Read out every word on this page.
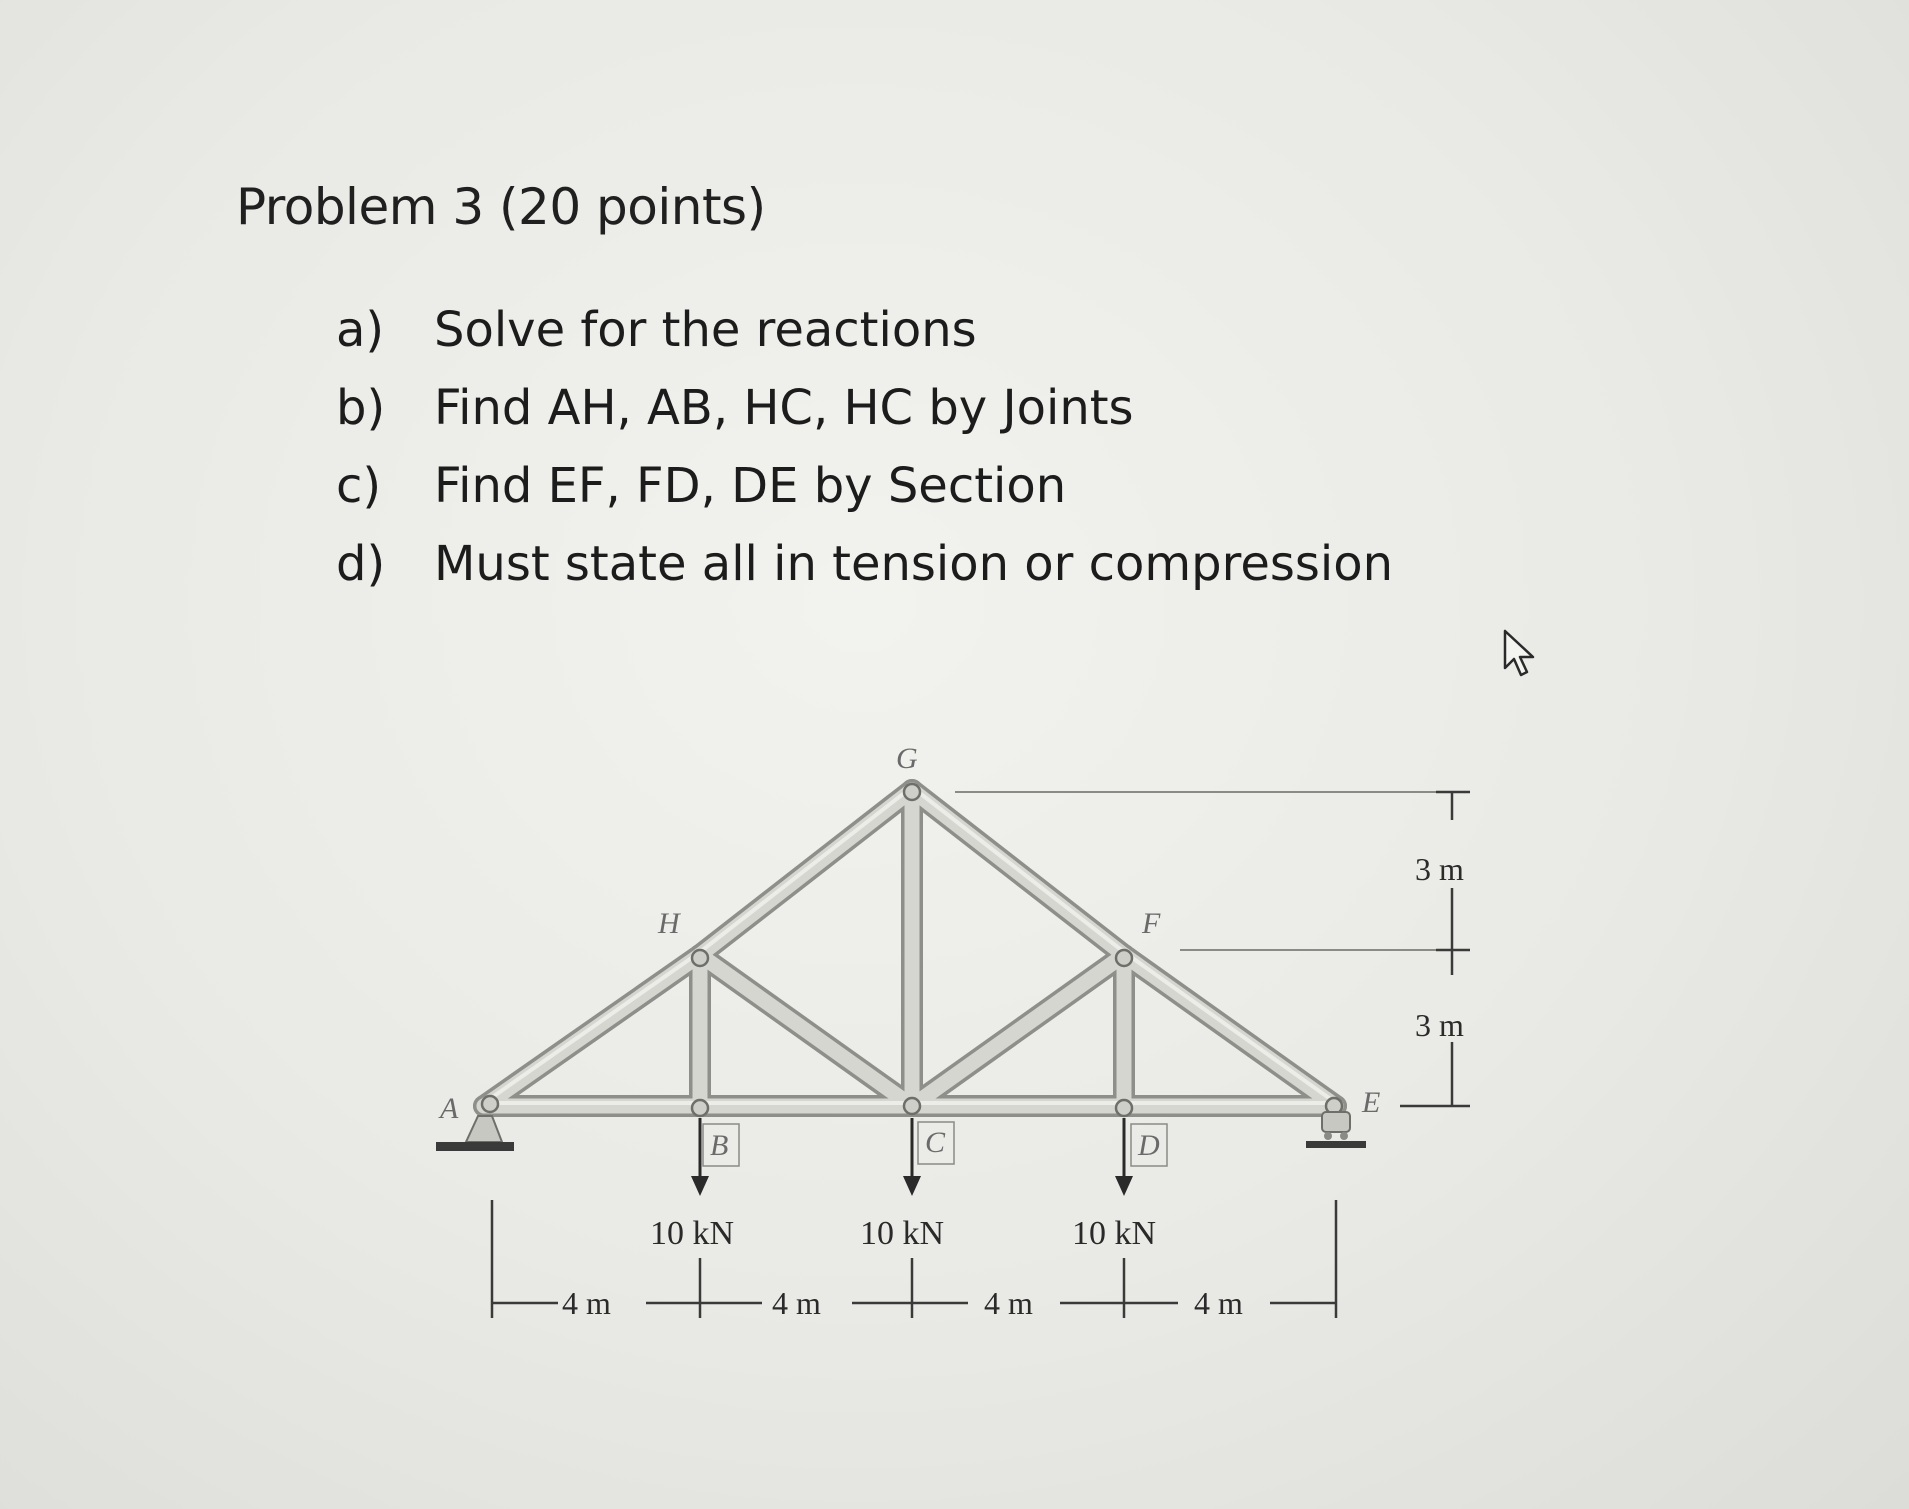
Problem 3 (20 points)
a) Solve for the reactions
b) Find AH, AB, HC, HC by Joints
c) Find EF, FD, DE by Section
d) Must state all in tension or compression
A
H
G
F
E
B	C	D
10 kN	10 kN	10 kN
4 m	4 m	4 m	4 m
3 m
3 m
